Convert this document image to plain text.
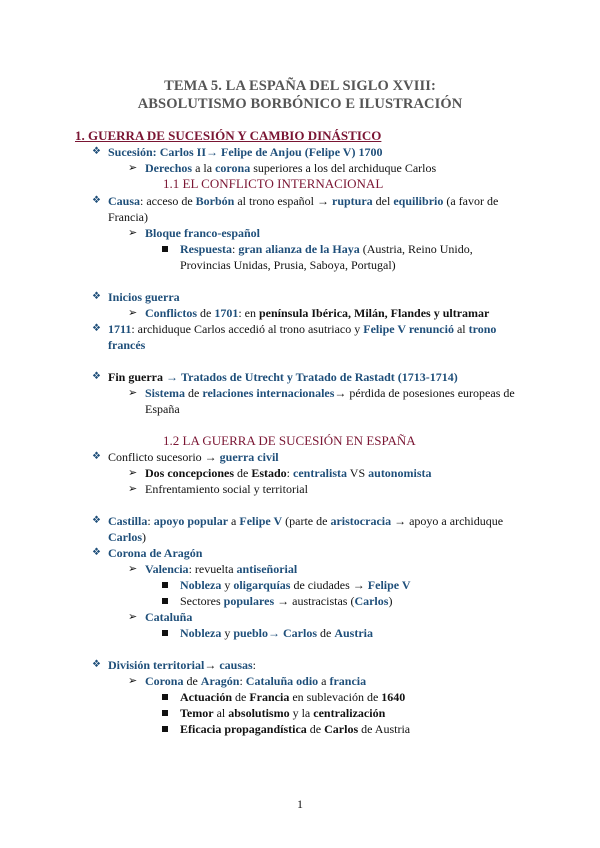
TEMA 5. LA ESPAÑA DEL SIGLO XVIII:
ABSOLUTISMO BORBÓNICO E ILUSTRACIÓN
1. GUERRA DE SUCESIÓN Y CAMBIO DINÁSTICO
❖ Sucesión: Carlos II→ Felipe de Anjou (Felipe V) 1700
➢ Derechos a la corona superiores a los del archiduque Carlos
1.1 EL CONFLICTO INTERNACIONAL
❖ Causa: acceso de Borbón al trono español → ruptura del equilibrio (a favor de
Francia)
➢ Bloque franco-español
Respuesta: gran alianza de la Haya (Austria, Reino Unido,
Provincias Unidas, Prusia, Saboya, Portugal)
❖ Inicios guerra
➢ Conflictos de 1701: en península Ibérica, Milán, Flandes y ultramar
❖ 1711: archiduque Carlos accedió al trono asutriaco y Felipe V renunció al trono
francés
❖ Fin guerra → Tratados de Utrecht y Tratado de Rastadt (1713-1714)
➢ Sistema de relaciones internacionales→ pérdida de posesiones europeas de
España
1.2 LA GUERRA DE SUCESIÓN EN ESPAÑA
❖ Conflicto sucesorio → guerra civil
➢ Dos concepciones de Estado: centralista VS autonomista
➢ Enfrentamiento social y territorial
❖ Castilla: apoyo popular a Felipe V (parte de aristocracia → apoyo a archiduque
Carlos)
❖ Corona de Aragón
➢ Valencia: revuelta antiseñorial
Nobleza y oligarquías de ciudades → Felipe V
Sectores populares → austracistas (Carlos)
➢ Cataluña
Nobleza y pueblo→ Carlos de Austria
❖ División territorial→ causas:
➢ Corona de Aragón: Cataluña odio a francia
Actuación de Francia en sublevación de 1640
Temor al absolutismo y la centralización
Eficacia propagandística de Carlos de Austria
1
